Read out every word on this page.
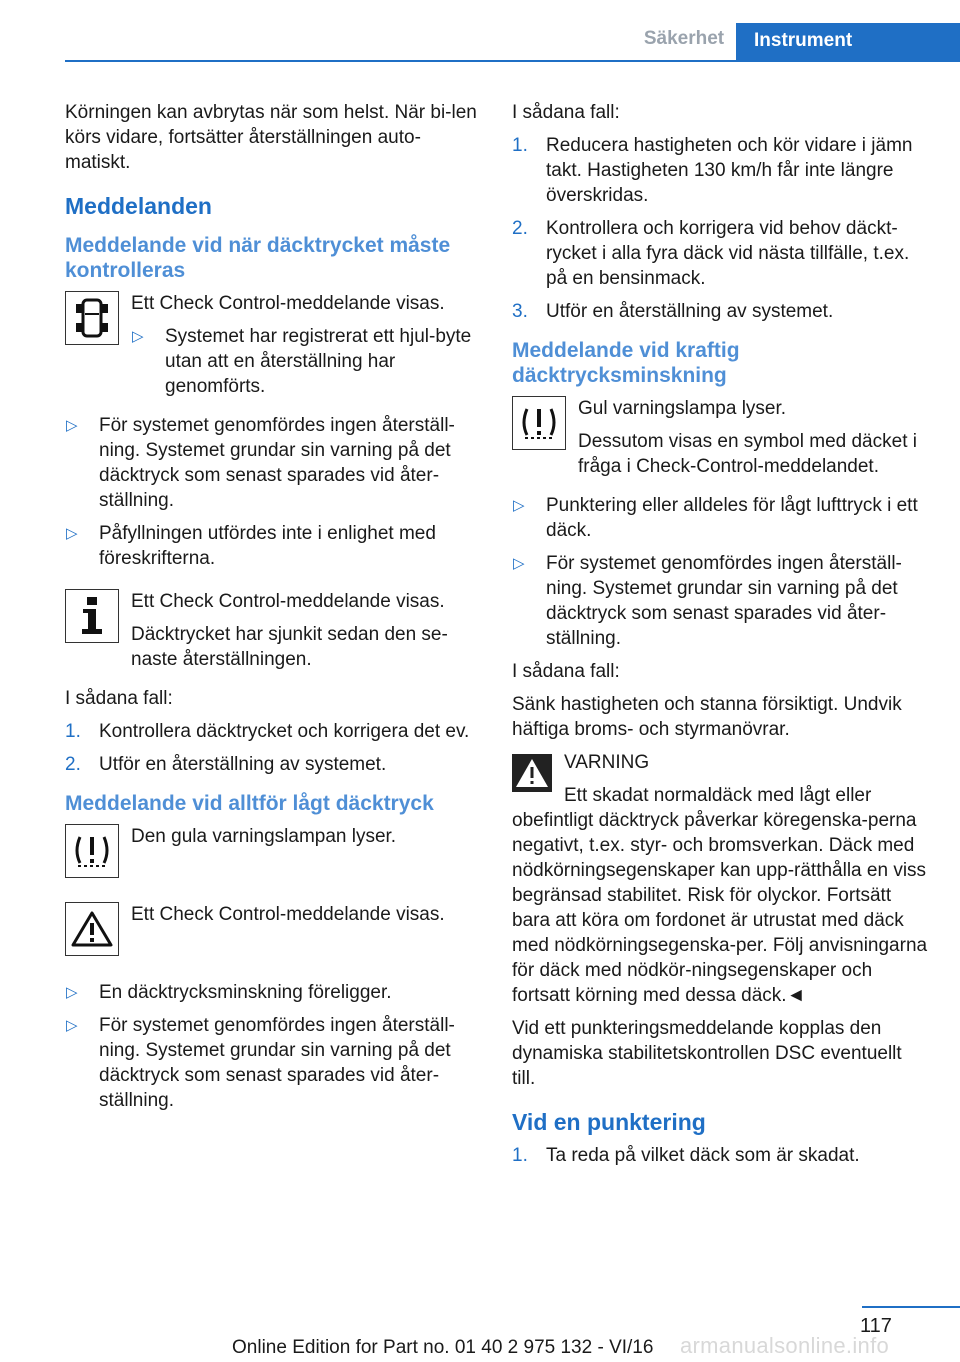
Säkerhet	Instrument

Körningen kan avbrytas när som helst. När bi-len körs vidare, fortsätter återställningen auto-matiskt.

Meddelanden
Meddelande vid när däcktrycket måste kontrolleras

Ett Check Control-meddelande visas.

▷ Systemet har registrerat ett hjul-byte utan att en återställning har genomförts.
▷ För systemet genomfördes ingen återställ-ning. Systemet grundar sin varning på det däcktryck som senast sparades vid åter-ställning.
▷ Påfyllningen utfördes inte i enlighet med föreskrifterna.

Ett Check Control-meddelande visas.

Däcktrycket har sjunkit sedan den se-naste återställningen.

I sådana fall:

1. Kontrollera däcktrycket och korrigera det ev.
2. Utför en återställning av systemet.
Meddelande vid alltför lågt däcktryck

Den gula varningslampan lyser.

Ett Check Control-meddelande visas.

▷ En däcktrycksminskning föreligger.
▷ För systemet genomfördes ingen återställ-ning. Systemet grundar sin varning på det däcktryck som senast sparades vid åter-ställning.

I sådana fall:

1. Reducera hastigheten och kör vidare i jämn takt. Hastigheten 130 km/h får inte längre överskridas.
2. Kontrollera och korrigera vid behov däckt-rycket i alla fyra däck vid nästa tillfälle, t.ex. på en bensinmack.
3. Utför en återställning av systemet.
Meddelande vid kraftig däcktrycksminskning

Gul varningslampa lyser.

Dessutom visas en symbol med däcket i fråga i Check-Control-meddelandet.

▷ Punktering eller alldeles för lågt lufttryck i ett däck.
▷ För systemet genomfördes ingen återställ-ning. Systemet grundar sin varning på det däcktryck som senast sparades vid åter-ställning.

I sådana fall:

Sänk hastigheten och stanna försiktigt. Undvik häftiga broms- och styrmanövrar.

VARNING

Ett skadat normaldäck med lågt eller obefintligt däcktryck påverkar köregenska-perna negativt, t.ex. styr- och bromsverkan. Däck med nödkörningsegenskaper kan upp-rätthålla en viss begränsad stabilitet. Risk för olyckor. Fortsätt bara att köra om fordonet är utrustat med däck med nödkörningsegenska-per. Följ anvisningarna för däck med nödkör-ningsegenskaper och fortsatt körning med dessa däck.◄

Vid ett punkteringsmeddelande kopplas den dynamiska stabilitetskontrollen DSC eventuellt till.

Vid en punktering
1. Ta reda på vilket däck som är skadat.
117
Online Edition for Part no. 01 40 2 975 132 - VI/16 armanualsonline.info
